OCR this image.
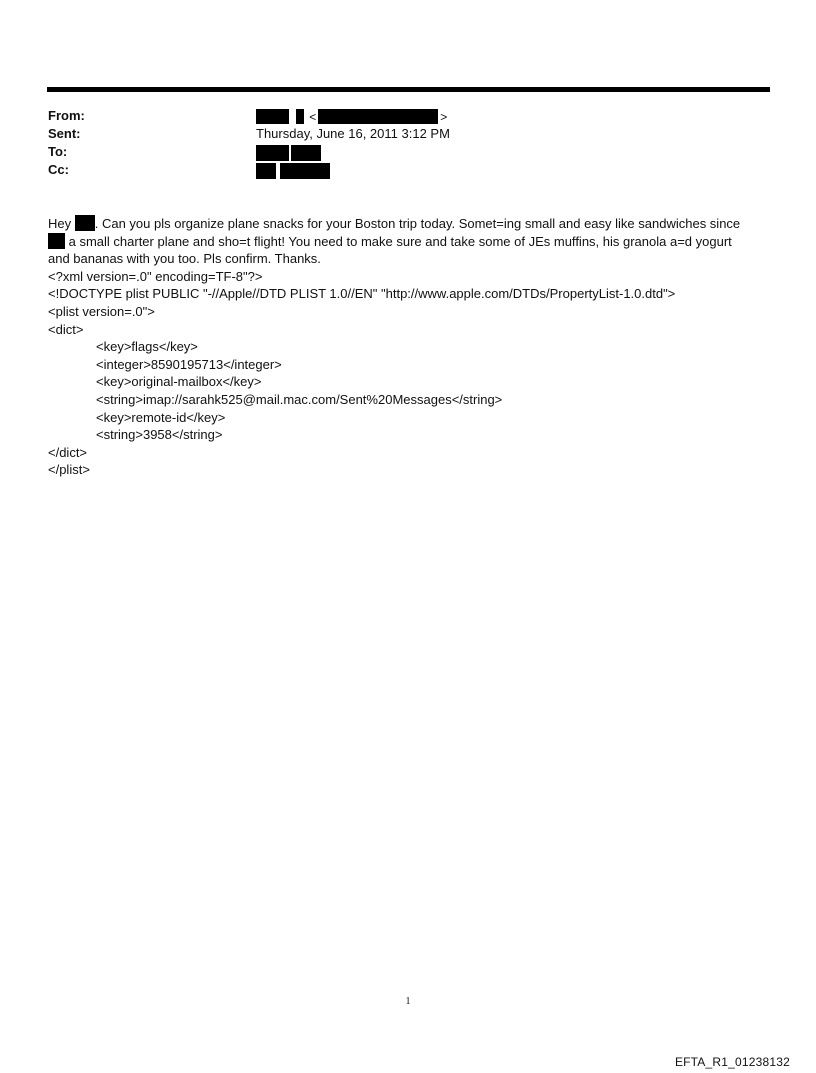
From:
Sent:
To:
Cc:
<	>
Thursday, June 16, 2011 3:12 PM
Hey . Can you pls organize plane snacks for your Boston trip today. Somet=ing small and easy like sandwiches since
a small charter plane and sho=t flight! You need to make sure and take some of JEs muffins, his granola a=d yogurt
and bananas with you too. Pls confirm. Thanks.
<?xml version=.0" encoding=TF-8"?>
<!DOCTYPE plist PUBLIC "-//Apple//DTD PLIST 1.0//EN" "http://www.apple.com/DTDs/PropertyList-1.0.dtd">
<plist version=.0">
<dict>
<key>flags</key>
<integer>8590195713</integer>
<key>original-mailbox</key>
<string>imap://sarahk525@mail.mac.com/Sent%20Messages</string>
<key>remote-id</key>
<string>3958</string>
</dict>
</plist>
1
EFTA_R1_01238132
